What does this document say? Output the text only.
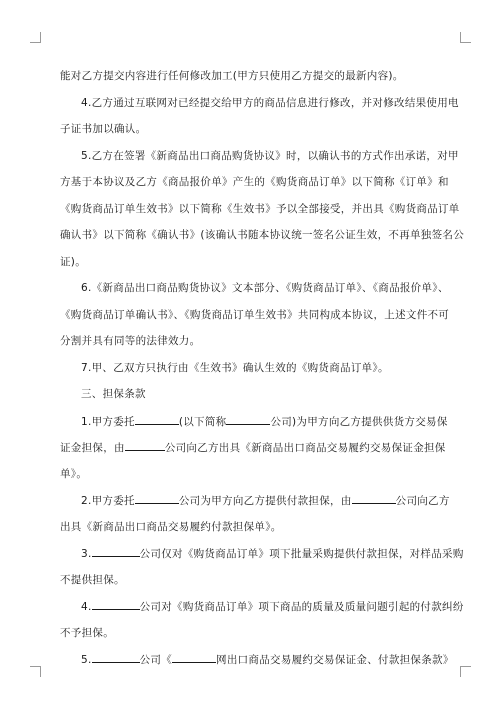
能对乙方提交内容进行任何修改加工(甲方只使用乙方提交的最新内容)。
4.乙方通过互联网对已经提交给甲方的商品信息进行修改，并对修改结果使用电
子证书加以确认。
5.乙方在签署《新商品出口商品购货协议》时，以确认书的方式作出承诺，对甲
方基于本协议及乙方《商品报价单》产生的《购货商品订单》以下简称《订单》和
《购货商品订单生效书》以下简称《生效书》予以全部接受，并出具《购货商品订单
确认书》以下简称《确认书》(该确认书随本协议统一签名公证生效，不再单独签名公
证)。
6.《新商品出口商品购货协议》文本部分、《购货商品订单》、《商品报价单》、
《购货商品订单确认书》、《购货商品订单生效书》共同构成本协议，上述文件不可
分割并具有同等的法律效力。
7.甲、乙双方只执行由《生效书》确认生效的《购货商品订单》。
三、担保条款
1.甲方委托	(以下简称	公司)为甲方向乙方提供供货方交易保
证金担保，由	公司向乙方出具《新商品出口商品交易履约交易保证金担保
单》。
2.甲方委托	公司为甲方向乙方提供付款担保，由	公司向乙方
出具《新商品出口商品交易履约付款担保单》。
3.	公司仅对《购货商品订单》项下批量采购提供付款担保，对样品采购
不提供担保。
4.	公司对《购货商品订单》项下商品的质量及质量问题引起的付款纠纷
不予担保。
5.	公司《	网出口商品交易履约交易保证金、付款担保条款》
